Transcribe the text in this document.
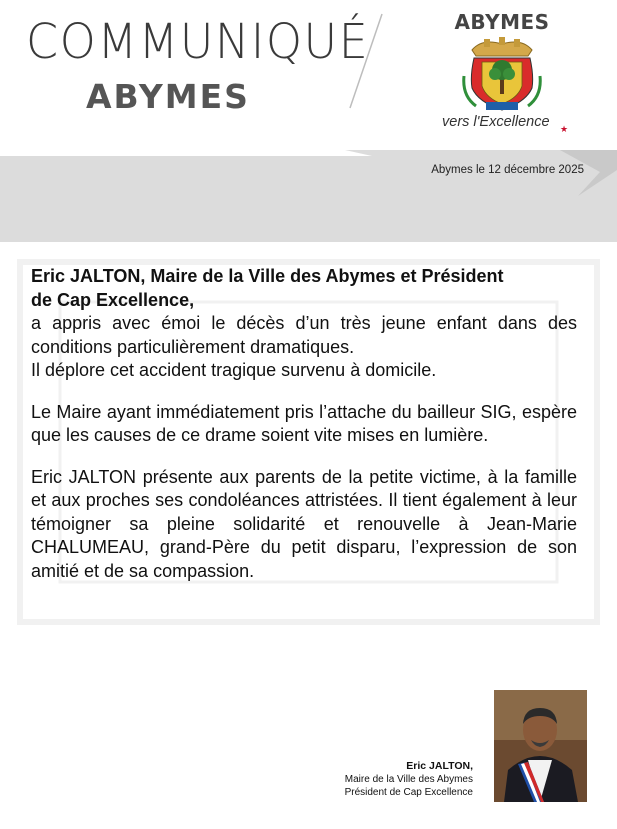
COMMUNIQUÉ
ABYMES
ABYMES
vers l'Excellence	★
Abymes le 12 décembre 2025

Eric JALTON, Maire de la Ville des Abymes et Président
de Cap Excellence,

a appris avec émoi le décès d’un très jeune enfant dans des conditions particulièrement dramatiques.
Il déplore cet accident tragique survenu à domicile.

Le Maire ayant immédiatement pris l’attache du bailleur SIG, espère que les causes de ce drame soient vite mises en lumière.

Eric JALTON présente aux parents de la petite victime, à la famille et aux proches ses condoléances attristées. Il tient également à leur témoigner sa pleine solidarité et renouvelle à Jean-Marie CHALUMEAU, grand-Père du petit disparu, l’expression de son amitié et de sa compassion.

Eric JALTON,
Maire de la Ville des Abymes
Président de Cap Excellence
